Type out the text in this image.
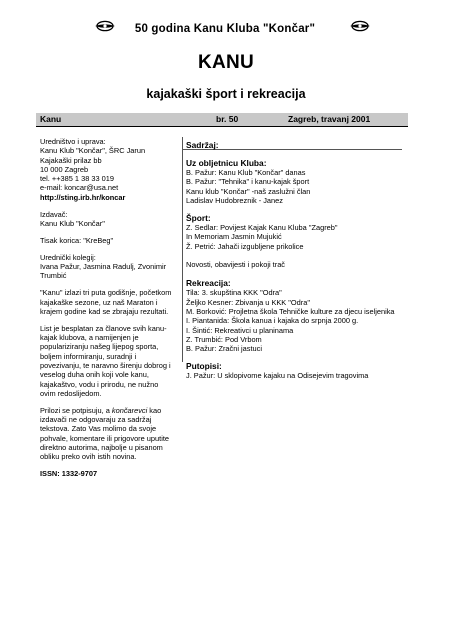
50 godina Kanu Kluba "Končar"
KANU
kajakaški šport i rekreacija
Kanu	br. 50	Zagreb, travanj 2001

Uredništvo i uprava:
Kanu Klub "Končar", ŠRC Jarun
Kajakaški prilaz bb
10 000 Zagreb
tel. ++385 1 38 33 019
e-mail: koncar@usa.net
http://sting.irb.hr/koncar

Izdavač:
Kanu Klub "Končar"

Tisak korica: "KreBeg"

Urednički kolegij:
Ivana Pažur, Jasmina Radulj, Zvonimir
Trumbić

"Kanu" izlazi tri puta godišnje, početkom
kajakaške sezone, uz naš Maraton i
krajem godine kad se zbrajaju rezultati.

List je besplatan za članove svih kanu-
kajak klubova, a namijenjen je
populariziranju našeg lijepog sporta,
boljem informiranju, suradnji i
povezivanju, te naravno širenju dobrog i
veselog duha onih koji vole kanu,
kajakaštvo, vodu i prirodu, ne nužno
ovim redoslijedom.

Prilozi se potpisuju, a končarevci kao
izdavači ne odgovaraju za sadržaj
tekstova. Zato Vas molimo da svoje
pohvale, komentare ili prigovore uputite
direktno autorima, najbolje u pisanom
obliku preko ovih istih novina.

ISSN: 1332-9707

Sadržaj:
Uz obljetnicu Kluba:
B. Pažur: Kanu Klub "Končar" danas
B. Pažur: "Tehnika" i kanu-kajak šport
Kanu klub "Končar" -naš zaslužni član
Ladislav Hudobreznik - Janez
Šport:
Z. Sedlar: Povijest Kajak Kanu Kluba "Zagreb"
In Memoriam Jasmin Mujukić
Ž. Petrić: Jahači izgubljene prikolice
Novosti, obavijesti i pokoji trač
Rekreacija:
Tila: 3. skupština KKK "Odra"
Željko Kesner: Zbivanja u KKK "Odra"
M. Borković: Projletna škola Tehničke kulture za djecu iseljenika
I. Piantanida: Škola kanua i kajaka do srpnja 2000 g.
I. Šintić: Rekreativci u planinama
Z. Trumbić: Pod Vrbom
B. Pažur: Zračni jastuci
Putopisi:
J. Pažur: U sklopivome kajaku na Odisejevim tragovima
